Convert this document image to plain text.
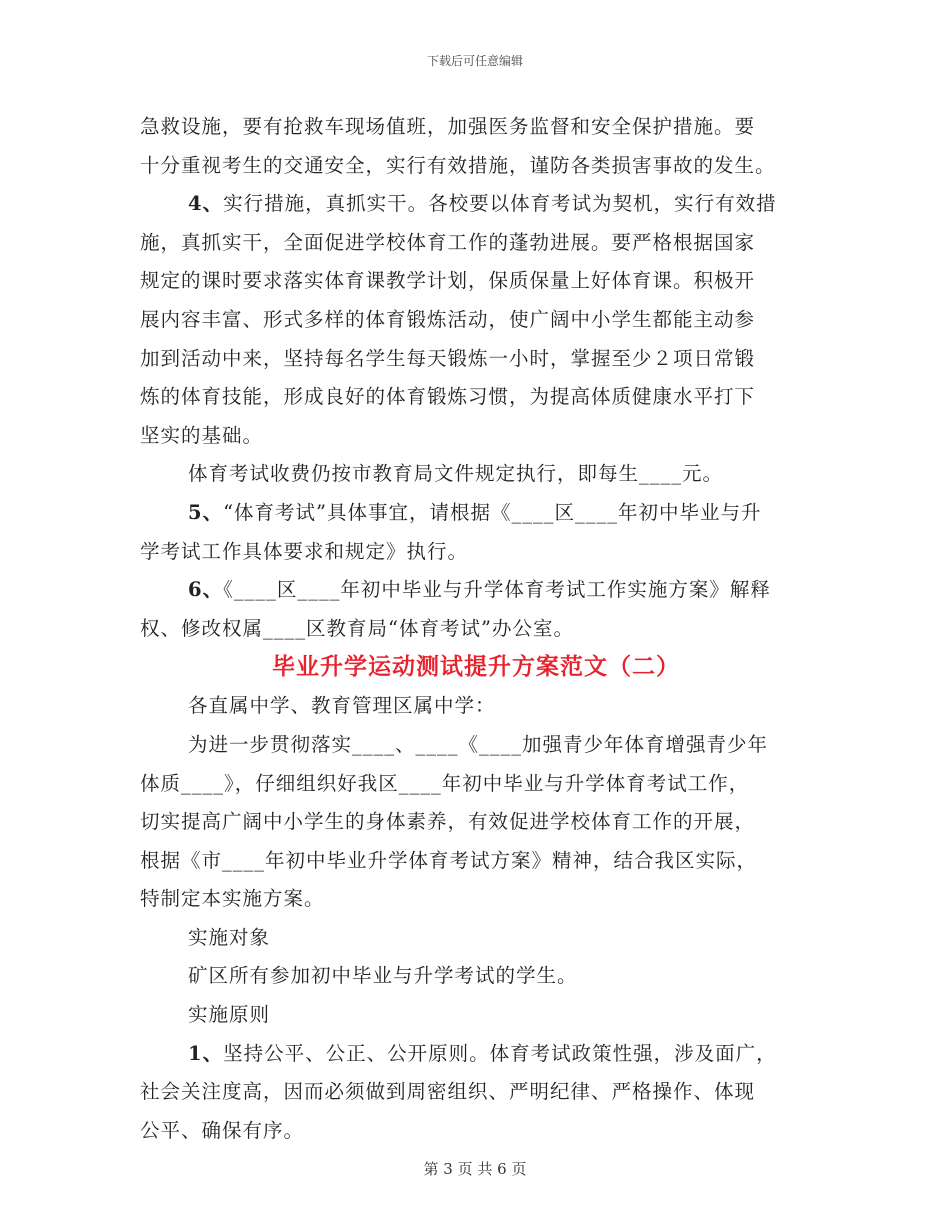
下载后可任意编辑
急救设施，要有抢救车现场值班，加强医务监督和安全保护措施。要
十分重视考生的交通安全，实行有效措施，谨防各类损害事故的发生。
4、实行措施，真抓实干。各校要以体育考试为契机，实行有效措
施，真抓实干，全面促进学校体育工作的蓬勃进展。要严格根据国家
规定的课时要求落实体育课教学计划，保质保量上好体育课。积极开
展内容丰富、形式多样的体育锻炼活动，使广阔中小学生都能主动参
加到活动中来，坚持每名学生每天锻炼一小时，掌握至少２项日常锻
炼的体育技能，形成良好的体育锻炼习惯，为提高体质健康水平打下
坚实的基础。
体育考试收费仍按市教育局文件规定执行，即每生____元。
5、“体育考试”具体事宜，请根据《____区____年初中毕业与升
学考试工作具体要求和规定》执行。
6、《____区____年初中毕业与升学体育考试工作实施方案》解释
权、修改权属____区教育局“体育考试”办公室。
毕业升学运动测试提升方案范文（二）
各直属中学、教育管理区属中学：
为进一步贯彻落实____、____《____加强青少年体育增强青少年
体质____》，仔细组织好我区____年初中毕业与升学体育考试工作，
切实提高广阔中小学生的身体素养，有效促进学校体育工作的开展，
根据《市____年初中毕业升学体育考试方案》精神，结合我区实际，
特制定本实施方案。
实施对象
矿区所有参加初中毕业与升学考试的学生。
实施原则
1、坚持公平、公正、公开原则。体育考试政策性强，涉及面广，
社会关注度高，因而必须做到周密组织、严明纪律、严格操作、体现
公平、确保有序。
第 3 页 共 6 页
